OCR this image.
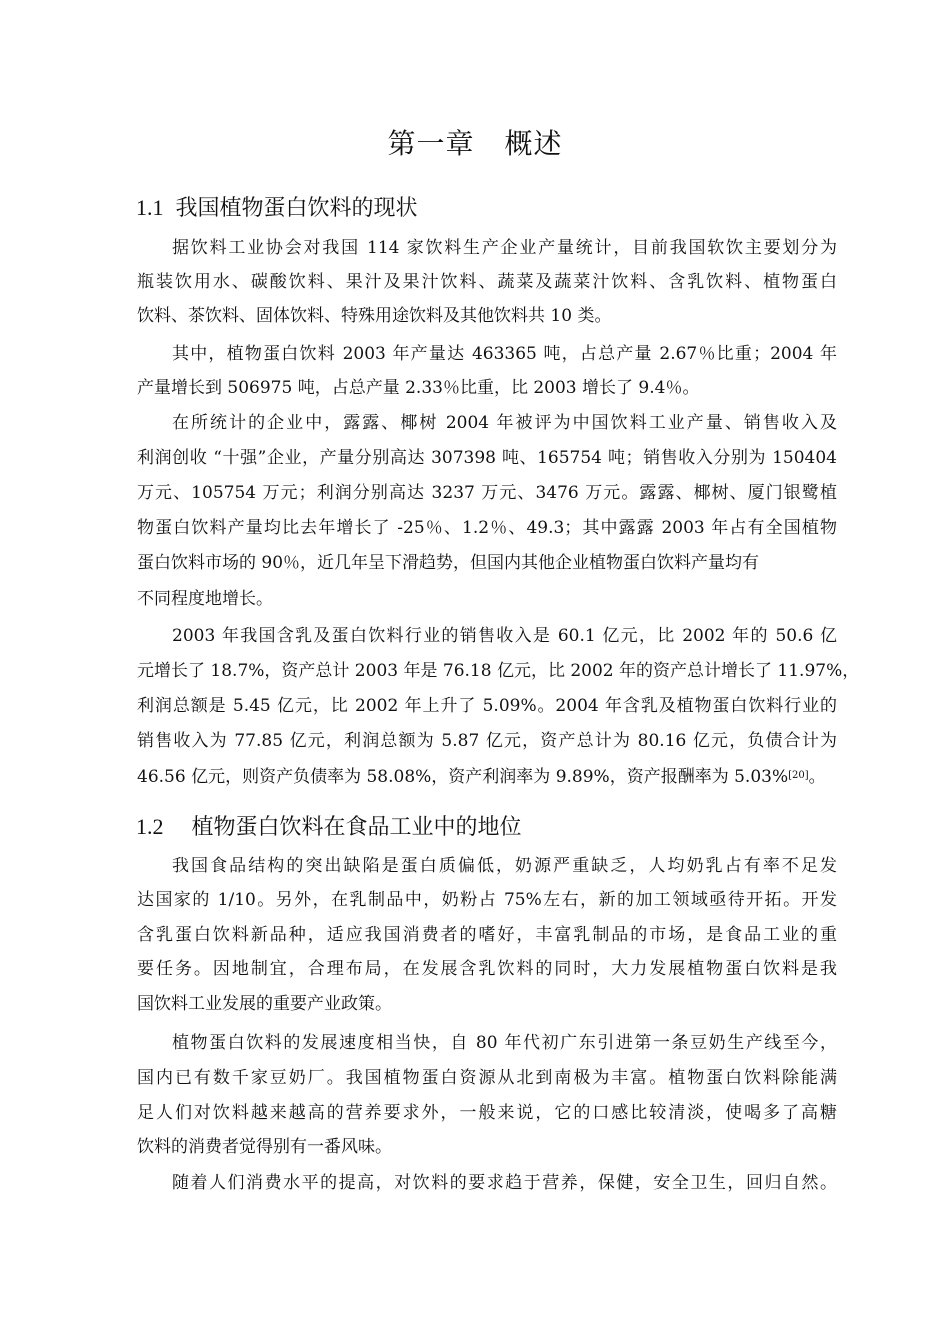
第一章 概述
1.1 我国植物蛋白饮料的现状
据饮料工业协会对我国 114 家饮料生产企业产量统计，目前我国软饮主要划分为
瓶装饮用水、碳酸饮料、果汁及果汁饮料、蔬菜及蔬菜汁饮料、含乳饮料、植物蛋白
饮料、茶饮料、固体饮料、特殊用途饮料及其他饮料共 10 类。
其中，植物蛋白饮料 2003 年产量达 463365 吨，占总产量 2.67％比重；2004 年
产量增长到 506975 吨，占总产量 2.33％比重，比 2003 增长了 9.4％。
在所统计的企业中，露露、椰树 2004 年被评为中国饮料工业产量、销售收入及
利润创收 “十强”企业，产量分别高达 307398 吨、165754 吨；销售收入分别为 150404
万元、105754 万元；利润分别高达 3237 万元、3476 万元。露露、椰树、厦门银鹭植
物蛋白饮料产量均比去年增长了 -25％、1.2％、49.3；其中露露 2003 年占有全国植物
蛋白饮料市场的 90％，近几年呈下滑趋势，但国内其他企业植物蛋白饮料产量均有
不同程度地增长。
2003 年我国含乳及蛋白饮料行业的销售收入是 60.1 亿元，比 2002 年的 50.6 亿
元增长了 18.7%，资产总计 2003 年是 76.18 亿元，比 2002 年的资产总计增长了 11.97%，
利润总额是 5.45 亿元，比 2002 年上升了 5.09%。2004 年含乳及植物蛋白饮料行业的
销售收入为 77.85 亿元，利润总额为 5.87 亿元，资产总计为 80.16 亿元，负债合计为
46.56 亿元，则资产负债率为 58.08%，资产利润率为 9.89%，资产报酬率为 5.03%[20]。
1.2 植物蛋白饮料在食品工业中的地位
我国食品结构的突出缺陷是蛋白质偏低，奶源严重缺乏，人均奶乳占有率不足发
达国家的 1/10。另外，在乳制品中，奶粉占 75%左右，新的加工领域亟待开拓。开发
含乳蛋白饮料新品种，适应我国消费者的嗜好，丰富乳制品的市场，是食品工业的重
要任务。因地制宜，合理布局，在发展含乳饮料的同时，大力发展植物蛋白饮料是我
国饮料工业发展的重要产业政策。
植物蛋白饮料的发展速度相当快，自 80 年代初广东引进第一条豆奶生产线至今，
国内已有数千家豆奶厂。我国植物蛋白资源从北到南极为丰富。植物蛋白饮料除能满
足人们对饮料越来越高的营养要求外，一般来说，它的口感比较清淡，使喝多了高糖
饮料的消费者觉得别有一番风味。
随着人们消费水平的提高，对饮料的要求趋于营养，保健，安全卫生，回归自然。
